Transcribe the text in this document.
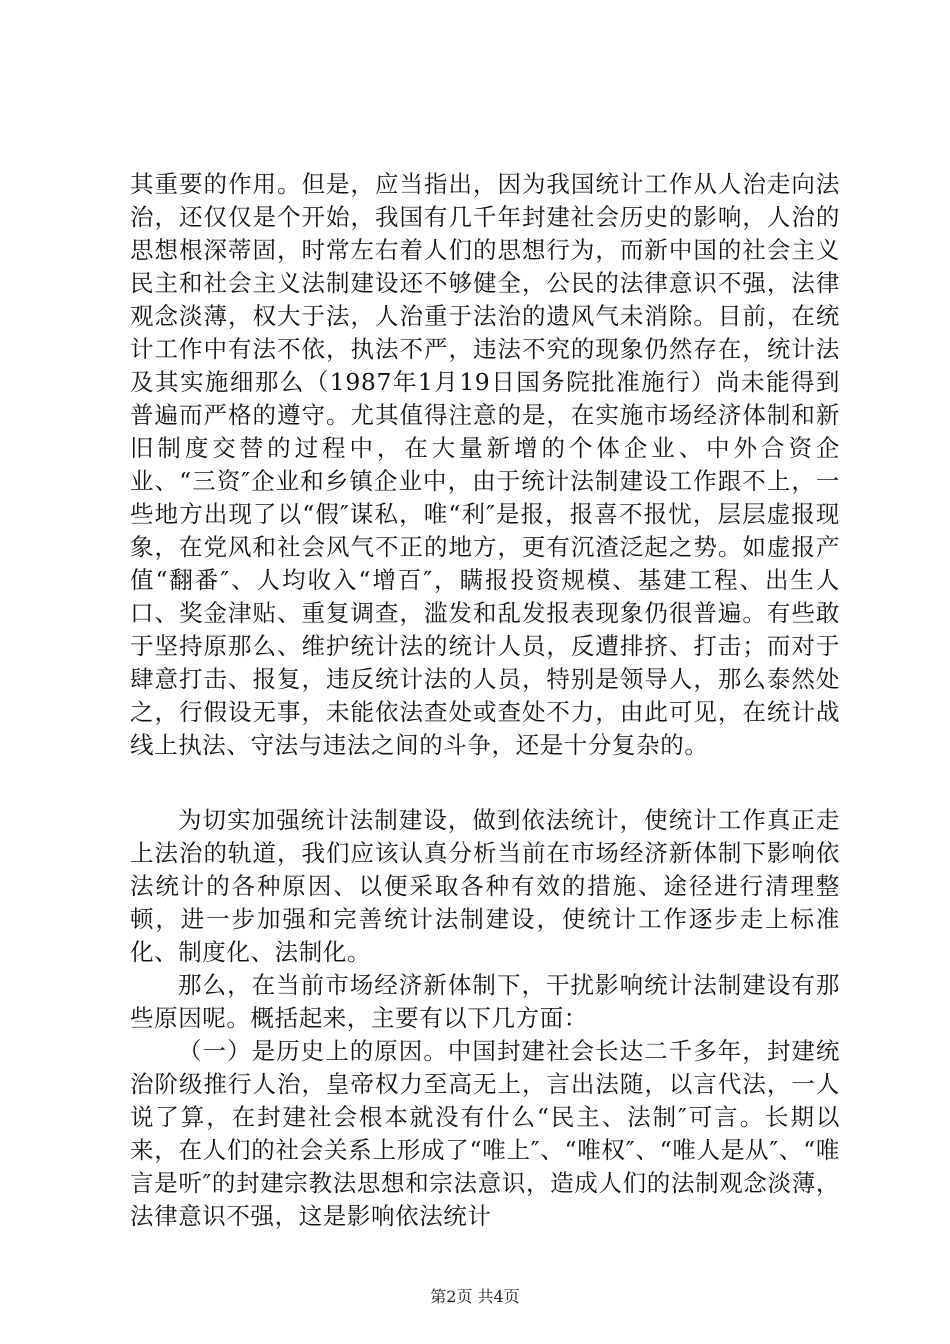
其重要的作用。但是，应当指出，因为我国统计工作从人治走向法治，还仅仅是个开始，我国有几千年封建社会历史的影响，人治的思想根深蒂固，时常左右着人们的思想行为，而新中国的社会主义民主和社会主义法制建设还不够健全，公民的法律意识不强，法律观念淡薄，权大于法，人治重于法治的遗风气未消除。目前，在统计工作中有法不依，执法不严，违法不究的现象仍然存在，统计法及其实施细那么（1987年1月19日国务院批准施行）尚未能得到普遍而严格的遵守。尤其值得注意的是，在实施市场经济体制和新旧制度交替的过程中，在大量新增的个体企业、中外合资企业、“三资″企业和乡镇企业中，由于统计法制建设工作跟不上，一些地方出现了以“假″谋私，唯“利″是报，报喜不报忧，层层虚报现象，在党风和社会风气不正的地方，更有沉渣泛起之势。如虚报产值“翻番″、人均收入“增百″，瞒报投资规模、基建工程、出生人口、奖金津贴、重复调查，滥发和乱发报表现象仍很普遍。有些敢于坚持原那么、维护统计法的统计人员，反遭排挤、打击；而对于肆意打击、报复，违反统计法的人员，特别是领导人，那么泰然处之，行假设无事，未能依法查处或查处不力，由此可见，在统计战线上执法、守法与违法之间的斗争，还是十分复杂的。

为切实加强统计法制建设，做到依法统计，使统计工作真正走上法治的轨道，我们应该认真分析当前在市场经济新体制下影响依法统计的各种原因、以便采取各种有效的措施、途径进行清理整顿，进一步加强和完善统计法制建设，使统计工作逐步走上标准化、制度化、法制化。

那么，在当前市场经济新体制下，干扰影响统计法制建设有那些原因呢。概括起来，主要有以下几方面：

（一）是历史上的原因。中国封建社会长达二千多年，封建统治阶级推行人治，皇帝权力至高无上，言出法随，以言代法，一人说了算，在封建社会根本就没有什么“民主、法制″可言。长期以来，在人们的社会关系上形成了“唯上″、“唯权″、“唯人是从″、“唯言是听″的封建宗教法思想和宗法意识，造成人们的法制观念淡薄，法律意识不强，这是影响依法统计

第2页 共4页
